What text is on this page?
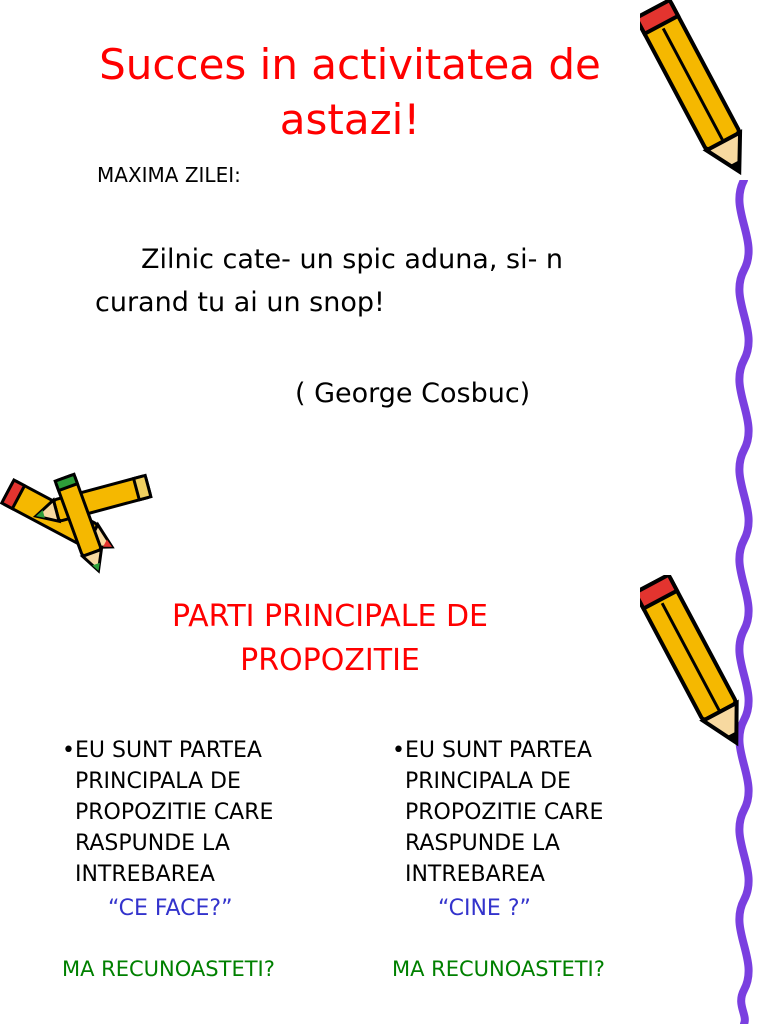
Succes in activitatea de astazi!
MAXIMA ZILEI:

Zilnic cate- un spic aduna, si- n curand tu ai un snop!

( George Cosbuc)
PARTI PRINCIPALE DE PROPOZITIE
• EU SUNT PARTEA PRINCIPALA DE PROPOZITIE CARE RASPUNDE LA INTREBAREA
“CE FACE?”
MA RECUNOASTETI?
• EU SUNT PARTEA PRINCIPALA DE PROPOZITIE CARE RASPUNDE LA INTREBAREA
“CINE ?”
MA RECUNOASTETI?
